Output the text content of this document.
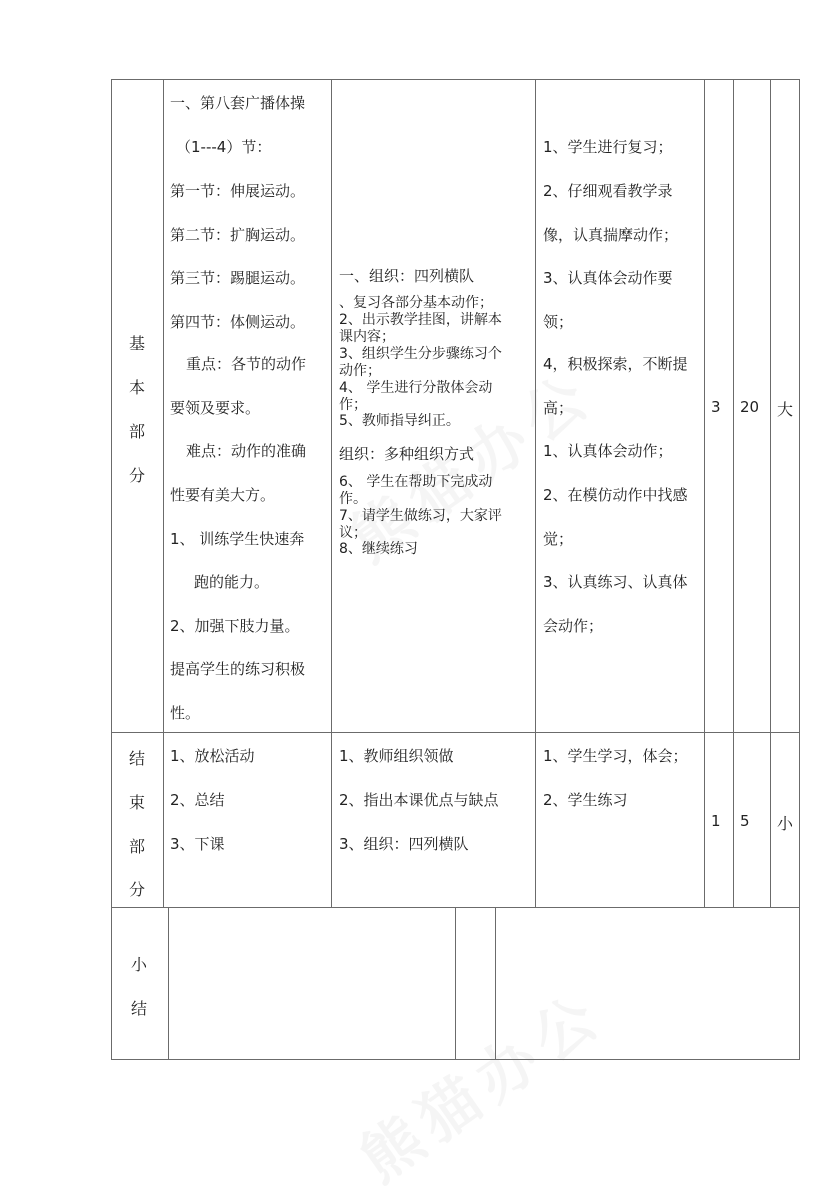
基
本
部
分
一、第八套广播体操
（1---4）节：
第一节：伸展运动。
第二节：扩胸运动。
第三节：踢腿运动。
第四节：体侧运动。
重点：各节的动作
要领及要求。
难点：动作的准确
性要有美大方。
1、 训练学生快速奔
跑的能力。
2、加强下肢力量。
提高学生的练习积极
性。
一、组织：四列横队
、复习各部分基本动作；
2、出示教学挂图，讲解本
课内容；
3、组织学生分步骤练习个
动作；
4、 学生进行分散体会动
作；
5、教师指导纠正。
组织：多种组织方式
6、 学生在帮助下完成动
作。
7、请学生做练习，大家评
议；
8、继续练习
1、学生进行复习；
2、仔细观看教学录
像，认真揣摩动作；
3、认真体会动作要
领；
4，积极探索，不断提
高；
1、认真体会动作；
2、在模仿动作中找感
觉；
3、认真练习、认真体
会动作；
3 20 大
结
束
部
分
1、放松活动
2、总结
3、下课
1、教师组织领做
2、指出本课优点与缺点
3、组织：四列横队
1、学生学习，体会；
2、学生练习
1 5 小
小
结
